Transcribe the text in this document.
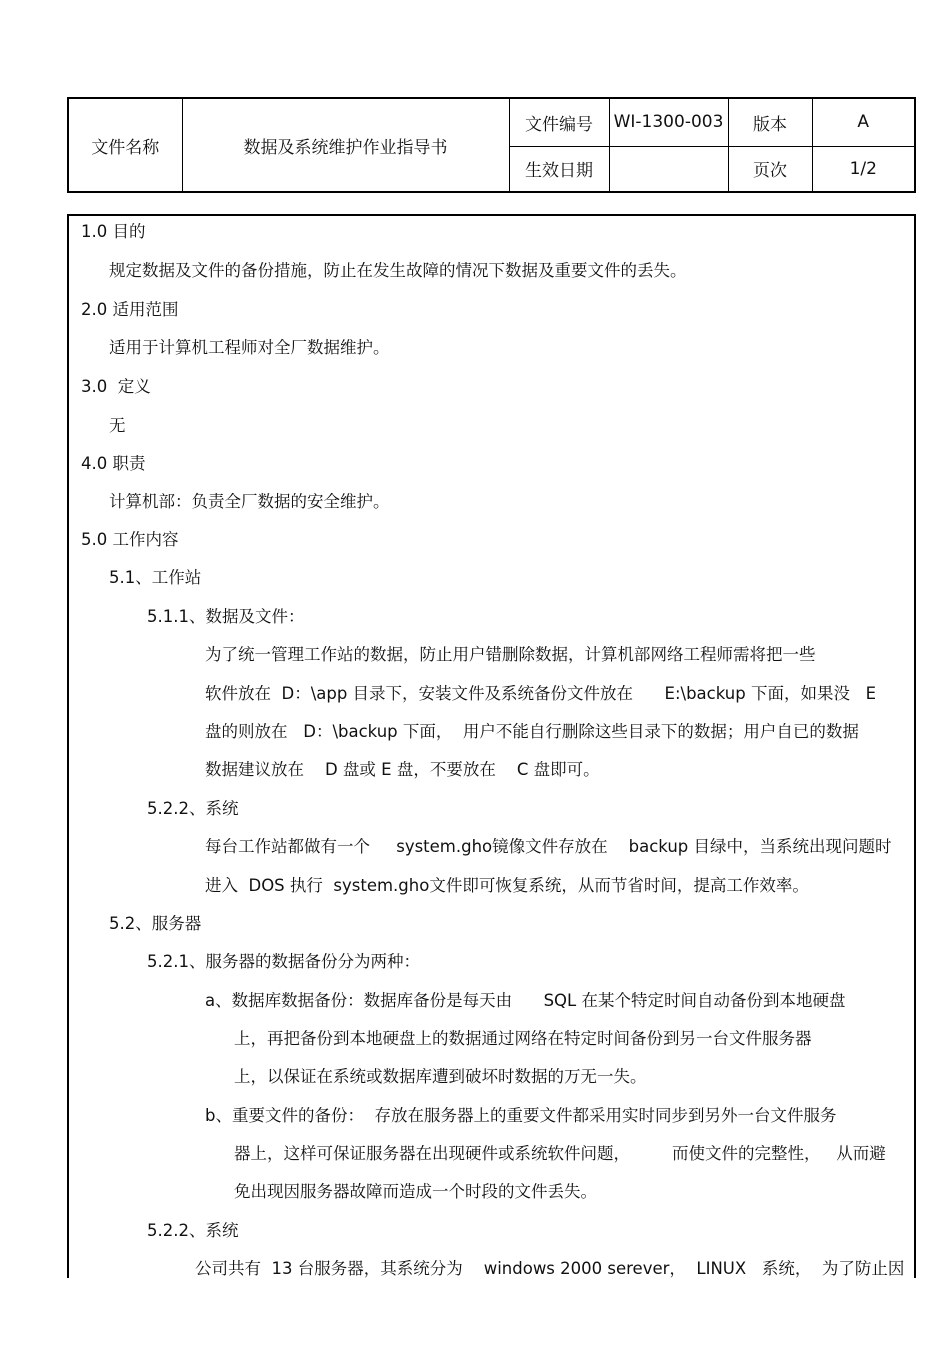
文件名称	数据及系统维护作业指导书	文件编号	WI-1300-003	版本	A
		生效日期		页次	1/2
1.0 目的
规定数据及文件的备份措施，防止在发生故障的情况下数据及重要文件的丢失。
2.0 适用范围
适用于计算机工程师对全厂数据维护。
3.0  定义
无
4.0 职责
计算机部：负责全厂数据的安全维护。
5.0 工作内容
5.1、工作站
5.1.1、数据及文件：
为了统一管理工作站的数据，防止用户错删除数据，计算机部网络工程师需将把一些
软件放在  D：\app 目录下，安装文件及系统备份文件放在      E:\backup 下面，如果没   E
盘的则放在   D：\backup 下面，  用户不能自行删除这些目录下的数据；用户自已的数据
数据建议放在    D 盘或 E 盘，不要放在    C 盘即可。
5.2.2、系统
每台工作站都做有一个     system.gho镜像文件存放在    backup 目绿中，当系统出现问题时
进入  DOS 执行  system.gho文件即可恢复系统，从而节省时间，提高工作效率。
5.2、服务器
5.2.1、服务器的数据备份分为两种：
a、数据库数据备份：数据库备份是每天由      SQL 在某个特定时间自动备份到本地硬盘
上，再把备份到本地硬盘上的数据通过网络在特定时间备份到另一台文件服务器
上，以保证在系统或数据库遭到破坏时数据的万无一失。
b、重要文件的备份：  存放在服务器上的重要文件都采用实时同步到另外一台文件服务
器上，这样可保证服务器在出现硬件或系统软件问题，        而使文件的完整性，   从而避
免出现因服务器故障而造成一个时段的文件丢失。
5.2.2、系统
公司共有  13 台服务器，其系统分为    windows 2000 serever，  LINUX   系统，  为了防止因
